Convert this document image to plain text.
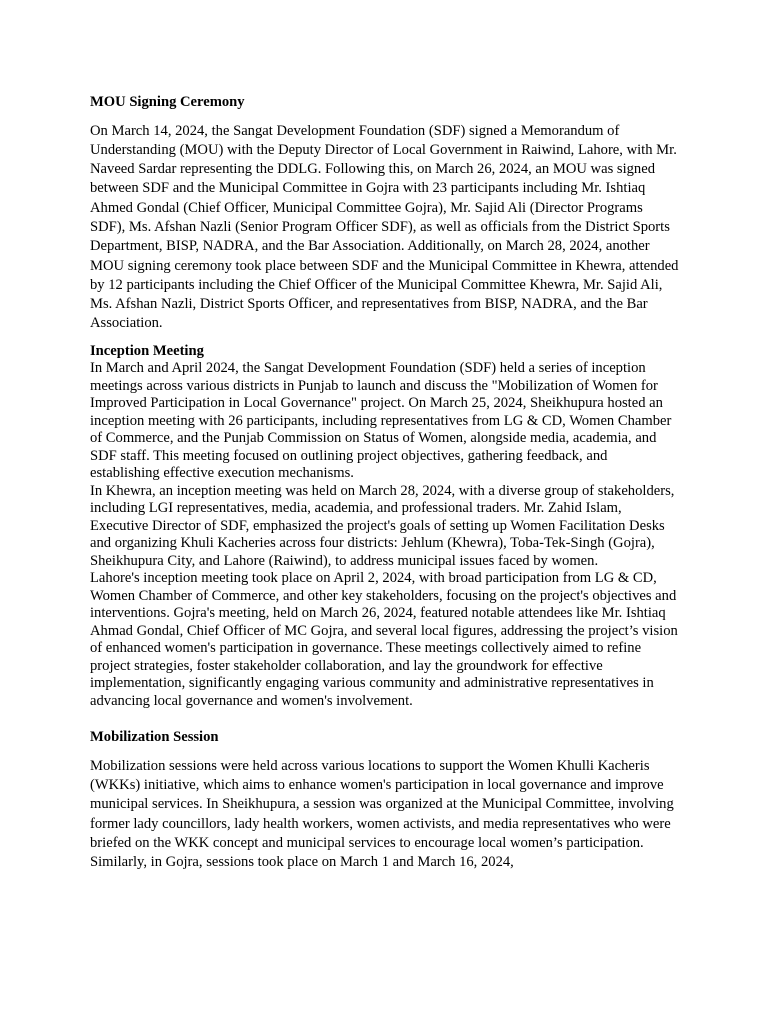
MOU Signing Ceremony

On March 14, 2024, the Sangat Development Foundation (SDF) signed a Memorandum of Understanding (MOU) with the Deputy Director of Local Government in Raiwind, Lahore, with Mr. Naveed Sardar representing the DDLG. Following this, on March 26, 2024, an MOU was signed between SDF and the Municipal Committee in Gojra with 23 participants including Mr. Ishtiaq Ahmed Gondal (Chief Officer, Municipal Committee Gojra), Mr. Sajid Ali (Director Programs SDF), Ms. Afshan Nazli (Senior Program Officer SDF), as well as officials from the District Sports Department, BISP, NADRA, and the Bar Association. Additionally, on March 28, 2024, another MOU signing ceremony took place between SDF and the Municipal Committee in Khewra, attended by 12 participants including the Chief Officer of the Municipal Committee Khewra, Mr. Sajid Ali, Ms. Afshan Nazli, District Sports Officer, and representatives from BISP, NADRA, and the Bar Association.

Inception Meeting

In March and April 2024, the Sangat Development Foundation (SDF) held a series of inception meetings across various districts in Punjab to launch and discuss the "Mobilization of Women for Improved Participation in Local Governance" project. On March 25, 2024, Sheikhupura hosted an inception meeting with 26 participants, including representatives from LG & CD, Women Chamber of Commerce, and the Punjab Commission on Status of Women, alongside media, academia, and SDF staff. This meeting focused on outlining project objectives, gathering feedback, and establishing effective execution mechanisms.

In Khewra, an inception meeting was held on March 28, 2024, with a diverse group of stakeholders, including LGI representatives, media, academia, and professional traders. Mr. Zahid Islam, Executive Director of SDF, emphasized the project's goals of setting up Women Facilitation Desks and organizing Khuli Kacheries across four districts: Jehlum (Khewra), Toba-Tek-Singh (Gojra), Sheikhupura City, and Lahore (Raiwind), to address municipal issues faced by women.

Lahore's inception meeting took place on April 2, 2024, with broad participation from LG & CD, Women Chamber of Commerce, and other key stakeholders, focusing on the project's objectives and interventions. Gojra's meeting, held on March 26, 2024, featured notable attendees like Mr. Ishtiaq Ahmad Gondal, Chief Officer of MC Gojra, and several local figures, addressing the project’s vision of enhanced women's participation in governance. These meetings collectively aimed to refine project strategies, foster stakeholder collaboration, and lay the groundwork for effective implementation, significantly engaging various community and administrative representatives in advancing local governance and women's involvement.

Mobilization Session

Mobilization sessions were held across various locations to support the Women Khulli Kacheris (WKKs) initiative, which aims to enhance women's participation in local governance and improve municipal services. In Sheikhupura, a session was organized at the Municipal Committee, involving former lady councillors, lady health workers, women activists, and media representatives who were briefed on the WKK concept and municipal services to encourage local women’s participation. Similarly, in Gojra, sessions took place on March 1 and March 16, 2024,
